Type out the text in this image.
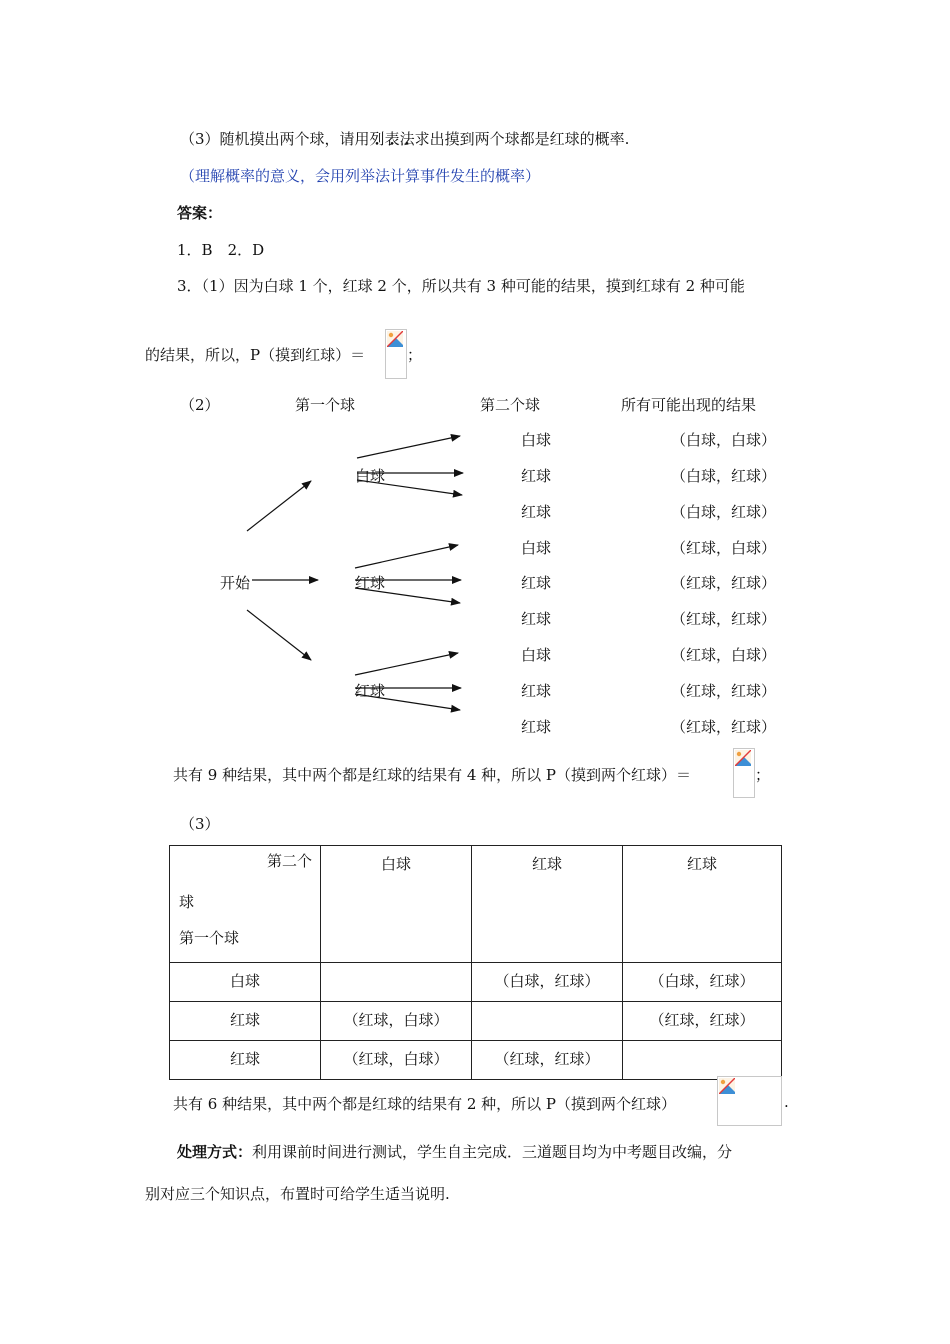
（3）随机摸出两个球，请用列表法求出摸到两个球都是红球的概率.
（理解概率的意义，会用列举法计算事件发生的概率）
答案：
1．B　2．D
3．（1）因为白球 1 个，红球 2 个，所以共有 3 种可能的结果，摸到红球有 2 种可能
的结果，所以，P（摸到红球）＝	；
（2）	第一个球	第二个球	所有可能出现的结果
开始
白球
红球
红球
白球
红球
红球
白球
红球
红球
白球
红球
红球
（白球，白球）
（白球，红球）
（白球，红球）
（红球，白球）
（红球，红球）
（红球，红球）
（红球，白球）
（红球，红球）
（红球，红球）
共有 9 种结果，其中两个都是红球的结果有 4 种，所以 P（摸到两个红球）＝	；
（3）
第二个
球
第一个球	白球	红球	红球

白球		（白球，红球）	（白球，红球）

红球	（红球，白球）		（红球，红球）

红球	（红球，白球）	（红球，红球）	

共有 6 种结果，其中两个都是红球的结果有 2 种，所以 P（摸到两个红球）	.
处理方式：利用课前时间进行测试，学生自主完成．三道题目均为中考题目改编，分
别对应三个知识点，布置时可给学生适当说明.
